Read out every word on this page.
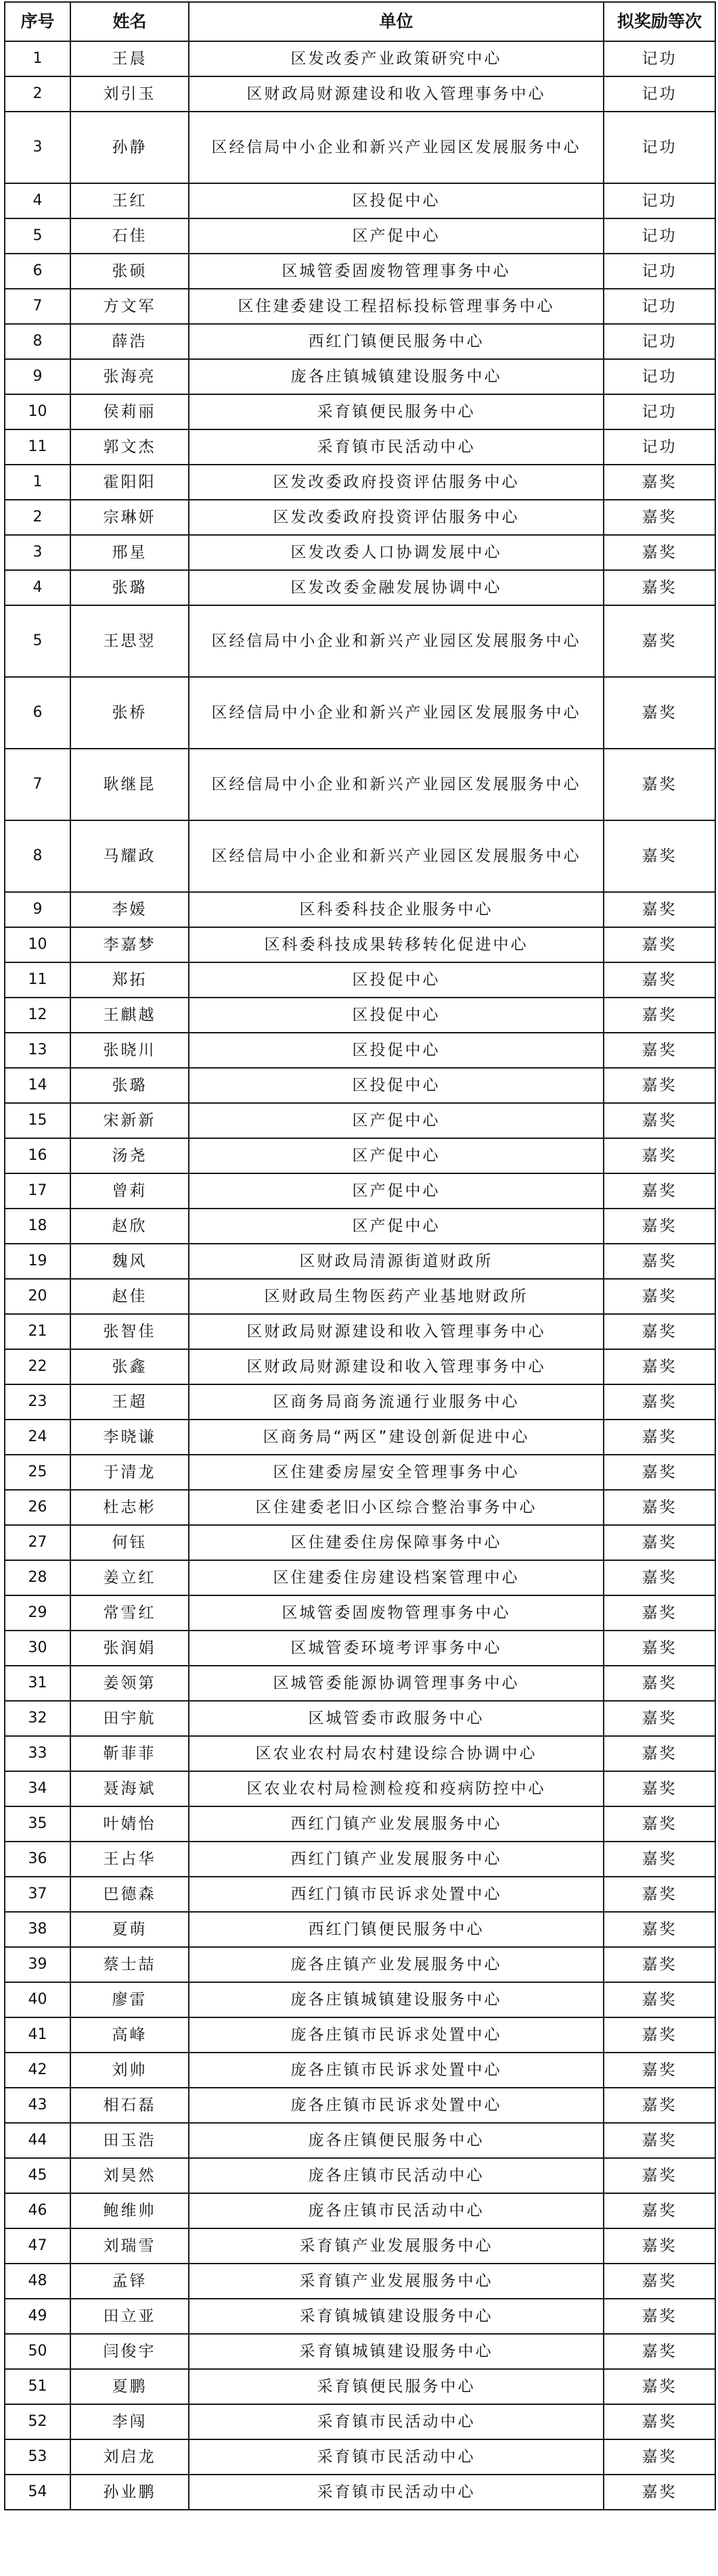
序号	姓名	单位	拟奖励等次
1	王晨	区发改委产业政策研究中心	记功
2	刘引玉	区财政局财源建设和收入管理事务中心	记功
3	孙静	区经信局中小企业和新兴产业园区发展服务中心	记功
4	王红	区投促中心	记功
5	石佳	区产促中心	记功
6	张硕	区城管委固废物管理事务中心	记功
7	方文军	区住建委建设工程招标投标管理事务中心	记功
8	薛浩	西红门镇便民服务中心	记功
9	张海亮	庞各庄镇城镇建设服务中心	记功
10	侯莉丽	采育镇便民服务中心	记功
11	郭文杰	采育镇市民活动中心	记功
1	霍阳阳	区发改委政府投资评估服务中心	嘉奖
2	宗琳妍	区发改委政府投资评估服务中心	嘉奖
3	邢星	区发改委人口协调发展中心	嘉奖
4	张璐	区发改委金融发展协调中心	嘉奖
5	王思翌	区经信局中小企业和新兴产业园区发展服务中心	嘉奖
6	张桥	区经信局中小企业和新兴产业园区发展服务中心	嘉奖
7	耿继昆	区经信局中小企业和新兴产业园区发展服务中心	嘉奖
8	马耀政	区经信局中小企业和新兴产业园区发展服务中心	嘉奖
9	李媛	区科委科技企业服务中心	嘉奖
10	李嘉梦	区科委科技成果转移转化促进中心	嘉奖
11	郑拓	区投促中心	嘉奖
12	王麒越	区投促中心	嘉奖
13	张晓川	区投促中心	嘉奖
14	张璐	区投促中心	嘉奖
15	宋新新	区产促中心	嘉奖
16	汤尧	区产促中心	嘉奖
17	曾莉	区产促中心	嘉奖
18	赵欣	区产促中心	嘉奖
19	魏风	区财政局清源街道财政所	嘉奖
20	赵佳	区财政局生物医药产业基地财政所	嘉奖
21	张智佳	区财政局财源建设和收入管理事务中心	嘉奖
22	张鑫	区财政局财源建设和收入管理事务中心	嘉奖
23	王超	区商务局商务流通行业服务中心	嘉奖
24	李晓谦	区商务局“两区”建设创新促进中心	嘉奖
25	于清龙	区住建委房屋安全管理事务中心	嘉奖
26	杜志彬	区住建委老旧小区综合整治事务中心	嘉奖
27	何钰	区住建委住房保障事务中心	嘉奖
28	姜立红	区住建委住房建设档案管理中心	嘉奖
29	常雪红	区城管委固废物管理事务中心	嘉奖
30	张润娟	区城管委环境考评事务中心	嘉奖
31	姜领第	区城管委能源协调管理事务中心	嘉奖
32	田宇航	区城管委市政服务中心	嘉奖
33	靳菲菲	区农业农村局农村建设综合协调中心	嘉奖
34	聂海斌	区农业农村局检测检疫和疫病防控中心	嘉奖
35	叶婧怡	西红门镇产业发展服务中心	嘉奖
36	王占华	西红门镇产业发展服务中心	嘉奖
37	巴德森	西红门镇市民诉求处置中心	嘉奖
38	夏萌	西红门镇便民服务中心	嘉奖
39	蔡士喆	庞各庄镇产业发展服务中心	嘉奖
40	廖雷	庞各庄镇城镇建设服务中心	嘉奖
41	高峰	庞各庄镇市民诉求处置中心	嘉奖
42	刘帅	庞各庄镇市民诉求处置中心	嘉奖
43	相石磊	庞各庄镇市民诉求处置中心	嘉奖
44	田玉浩	庞各庄镇便民服务中心	嘉奖
45	刘昊然	庞各庄镇市民活动中心	嘉奖
46	鲍维帅	庞各庄镇市民活动中心	嘉奖
47	刘瑞雪	采育镇产业发展服务中心	嘉奖
48	孟铎	采育镇产业发展服务中心	嘉奖
49	田立亚	采育镇城镇建设服务中心	嘉奖
50	闫俊宇	采育镇城镇建设服务中心	嘉奖
51	夏鹏	采育镇便民服务中心	嘉奖
52	李闯	采育镇市民活动中心	嘉奖
53	刘启龙	采育镇市民活动中心	嘉奖
54	孙业鹏	采育镇市民活动中心	嘉奖
